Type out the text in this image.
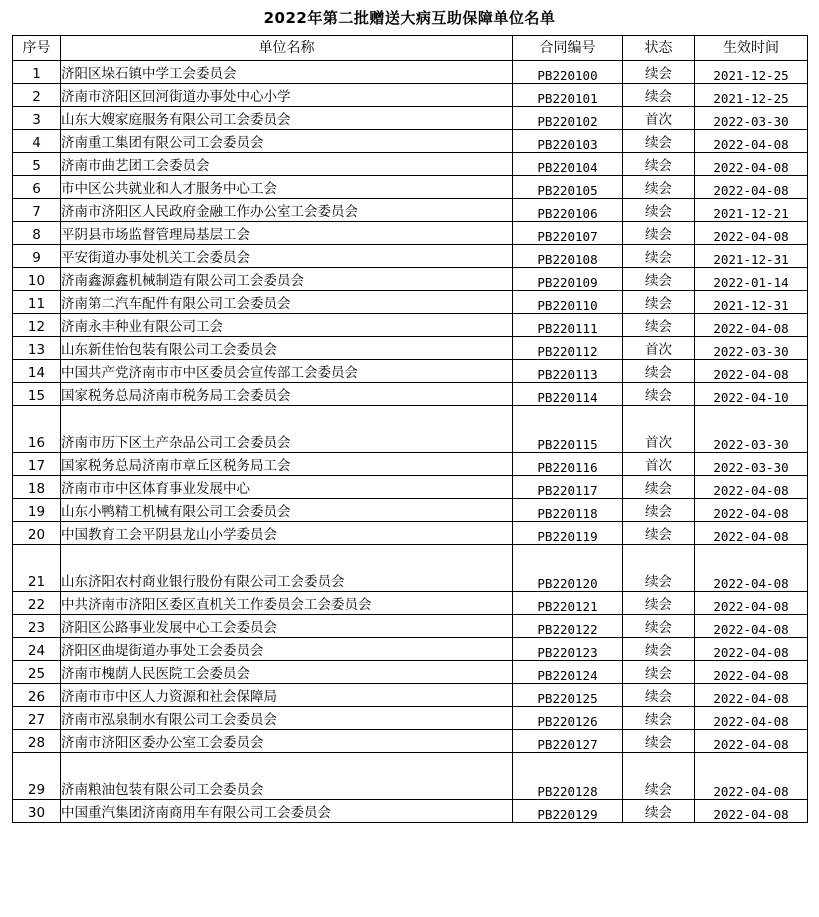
2022年第二批赠送大病互助保障单位名单
序号	单位名称	合同编号	状态	生效时间
1	济阳区垛石镇中学工会委员会	PB220100	续会	2021-12-25
2	济南市济阳区回河街道办事处中心小学	PB220101	续会	2021-12-25
3	山东大嫂家庭服务有限公司工会委员会	PB220102	首次	2022-03-30
4	济南重工集团有限公司工会委员会	PB220103	续会	2022-04-08
5	济南市曲艺团工会委员会	PB220104	续会	2022-04-08
6	市中区公共就业和人才服务中心工会	PB220105	续会	2022-04-08
7	济南市济阳区人民政府金融工作办公室工会委员会	PB220106	续会	2021-12-21
8	平阴县市场监督管理局基层工会	PB220107	续会	2022-04-08
9	平安街道办事处机关工会委员会	PB220108	续会	2021-12-31
10	济南鑫源鑫机械制造有限公司工会委员会	PB220109	续会	2022-01-14
11	济南第二汽车配件有限公司工会委员会	PB220110	续会	2021-12-31
12	济南永丰种业有限公司工会	PB220111	续会	2022-04-08
13	山东新佳怡包装有限公司工会委员会	PB220112	首次	2022-03-30
14	中国共产党济南市市中区委员会宣传部工会委员会	PB220113	续会	2022-04-08
15	国家税务总局济南市税务局工会委员会	PB220114	续会	2022-04-10
16	济南市历下区土产杂品公司工会委员会	PB220115	首次	2022-03-30
17	国家税务总局济南市章丘区税务局工会	PB220116	首次	2022-03-30
18	济南市市中区体育事业发展中心	PB220117	续会	2022-04-08
19	山东小鸭精工机械有限公司工会委员会	PB220118	续会	2022-04-08
20	中国教育工会平阴县龙山小学委员会	PB220119	续会	2022-04-08
21	山东济阳农村商业银行股份有限公司工会委员会	PB220120	续会	2022-04-08
22	中共济南市济阳区委区直机关工作委员会工会委员会	PB220121	续会	2022-04-08
23	济阳区公路事业发展中心工会委员会	PB220122	续会	2022-04-08
24	济阳区曲堤街道办事处工会委员会	PB220123	续会	2022-04-08
25	济南市槐荫人民医院工会委员会	PB220124	续会	2022-04-08
26	济南市市中区人力资源和社会保障局	PB220125	续会	2022-04-08
27	济南市泓泉制水有限公司工会委员会	PB220126	续会	2022-04-08
28	济南市济阳区委办公室工会委员会	PB220127	续会	2022-04-08
29	济南粮油包装有限公司工会委员会	PB220128	续会	2022-04-08
30	中国重汽集团济南商用车有限公司工会委员会	PB220129	续会	2022-04-08
